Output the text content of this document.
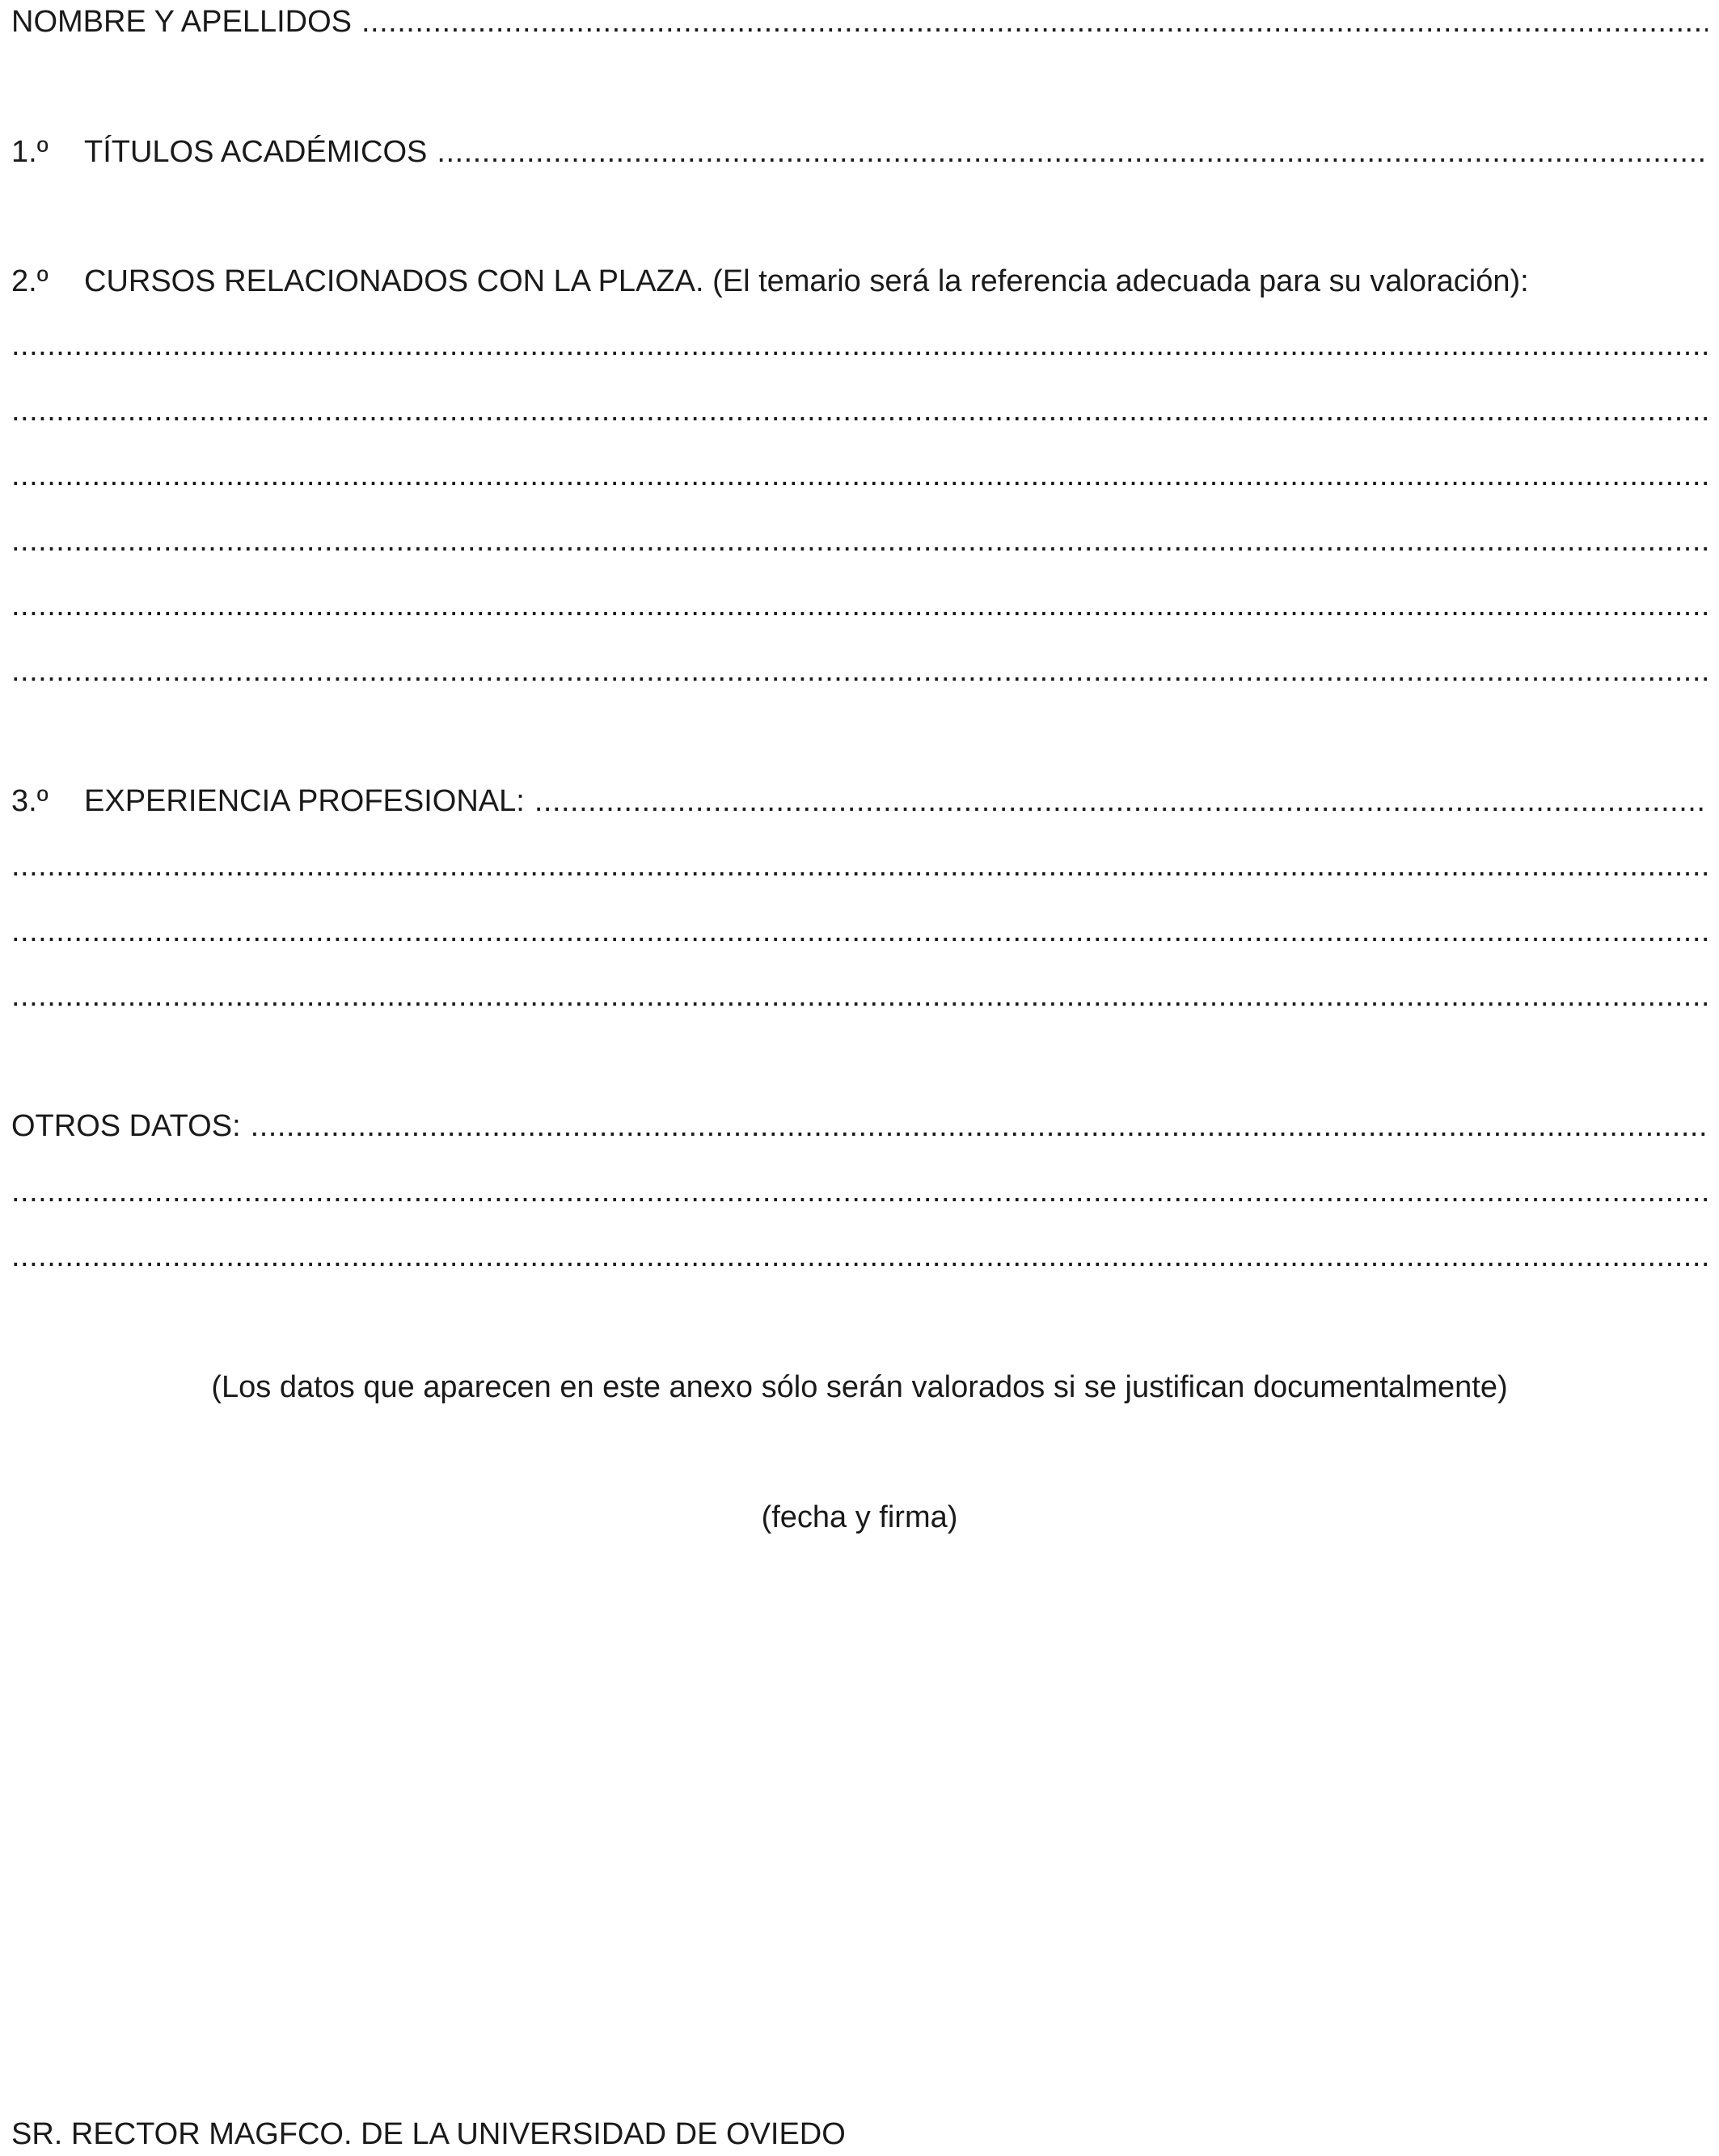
NOMBRE Y APELLIDOS
.....
1.º	TÍTULOS ACADÉMICOS
.....
2.º	CURSOS RELACIONADOS CON LA PLAZA. (El temario será la referencia adecuada para su valoración):
.....
.....
.....
.....
.....
.....
3.º	EXPERIENCIA PROFESIONAL:
.....
.....
.....
.....
OTROS DATOS:
.....
.....
.....
(Los datos que aparecen en este anexo sólo serán valorados si se justifican documentalmente)
(fecha y firma)
SR. RECTOR MAGFCO. DE LA UNIVERSIDAD DE OVIEDO
